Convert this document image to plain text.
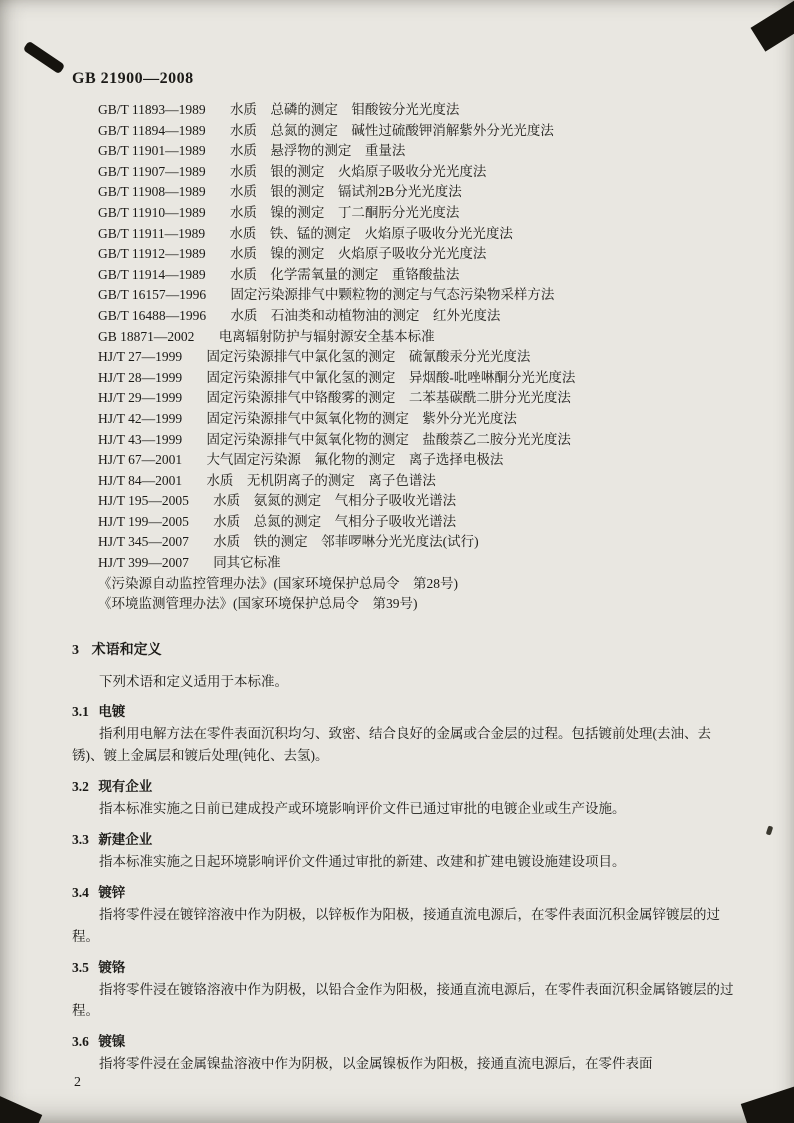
GB 21900—2008
GB/T 11893—1989 水质　总磷的测定　钼酸铵分光光度法
GB/T 11894—1989 水质　总氮的测定　碱性过硫酸钾消解紫外分光光度法
GB/T 11901—1989 水质　悬浮物的测定　重量法
GB/T 11907—1989 水质　银的测定　火焰原子吸收分光光度法
GB/T 11908—1989 水质　银的测定　镉试剂2B分光光度法
GB/T 11910—1989 水质　镍的测定　丁二酮肟分光光度法
GB/T 11911—1989 水质　铁、锰的测定　火焰原子吸收分光光度法
GB/T 11912—1989 水质　镍的测定　火焰原子吸收分光光度法
GB/T 11914—1989 水质　化学需氧量的测定　重铬酸盐法
GB/T 16157—1996 固定污染源排气中颗粒物的测定与气态污染物采样方法
GB/T 16488—1996 水质　石油类和动植物油的测定　红外光度法
GB 18871—2002 电离辐射防护与辐射源安全基本标准
HJ/T 27—1999 固定污染源排气中氯化氢的测定　硫氰酸汞分光光度法
HJ/T 28—1999 固定污染源排气中氰化氢的测定　异烟酸-吡唑啉酮分光光度法
HJ/T 29—1999 固定污染源排气中铬酸雾的测定　二苯基碳酰二肼分光光度法
HJ/T 42—1999 固定污染源排气中氮氧化物的测定　紫外分光光度法
HJ/T 43—1999 固定污染源排气中氮氧化物的测定　盐酸萘乙二胺分光光度法
HJ/T 67—2001 大气固定污染源　氟化物的测定　离子选择电极法
HJ/T 84—2001 水质　无机阴离子的测定　离子色谱法
HJ/T 195—2005 水质　氨氮的测定　气相分子吸收光谱法
HJ/T 199—2005 水质　总氮的测定　气相分子吸收光谱法
HJ/T 345—2007 水质　铁的测定　邻菲啰啉分光光度法(试行)
HJ/T 399—2007 同其它标准
《污染源自动监控管理办法》(国家环境保护总局令　第28号)
《环境监测管理办法》(国家环境保护总局令　第39号)
3 术语和定义

下列术语和定义适用于本标准。

3.1 电镀

指利用电解方法在零件表面沉积均匀、致密、结合良好的金属或合金层的过程。包括镀前处理(去油、去锈)、镀上金属层和镀后处理(钝化、去氢)。

3.2 现有企业

指本标准实施之日前已建成投产或环境影响评价文件已通过审批的电镀企业或生产设施。

3.3 新建企业

指本标准实施之日起环境影响评价文件通过审批的新建、改建和扩建电镀设施建设项目。

3.4 镀锌

指将零件浸在镀锌溶液中作为阴极，以锌板作为阳极，接通直流电源后，在零件表面沉积金属锌镀层的过程。

3.5 镀铬

指将零件浸在镀铬溶液中作为阴极，以铅合金作为阳极，接通直流电源后，在零件表面沉积金属铬镀层的过程。

3.6 镀镍

指将零件浸在金属镍盐溶液中作为阴极，以金属镍板作为阳极，接通直流电源后，在零件表面

2
